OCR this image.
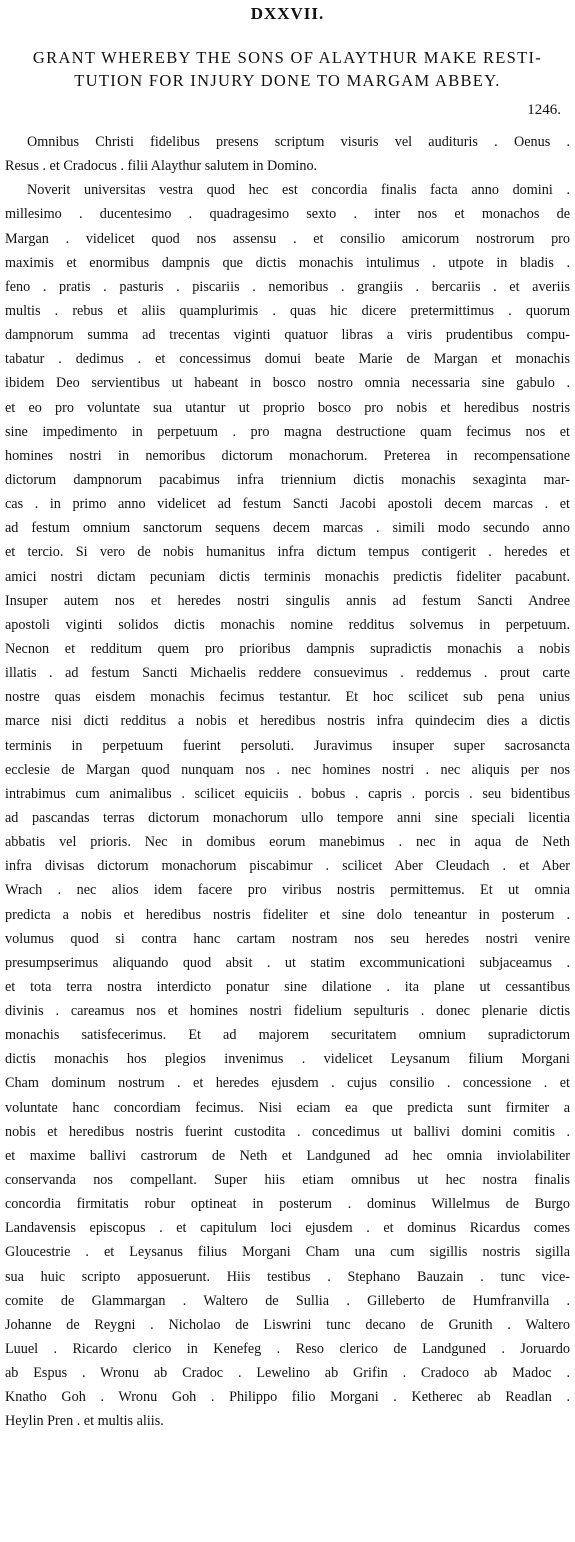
DXXVII.
GRANT WHEREBY THE SONS OF ALAYTHUR MAKE RESTI-
TUTION FOR INJURY DONE TO MARGAM ABBEY.
1246.
Omnibus Christi fidelibus presens scriptum visuris vel audituris . Oenus .
Resus . et Cradocus . filii Alaythur salutem in Domino.
Noverit universitas vestra quod hec est concordia finalis facta anno domini .
millesimo . ducentesimo . quadragesimo sexto . inter nos et monachos de
Margan . videlicet quod nos assensu . et consilio amicorum nostrorum pro
maximis et enormibus dampnis que dictis monachis intulimus . utpote in bladis .
feno . pratis . pasturis . piscariis . nemoribus . grangiis . bercariis . et averiis
multis . rebus et aliis quamplurimis . quas hic dicere pretermittimus . quorum
dampnorum summa ad trecentas viginti quatuor libras a viris prudentibus compu-
tabatur . dedimus . et concessimus domui beate Marie de Margan et monachis
ibidem Deo servientibus ut habeant in bosco nostro omnia necessaria sine gabulo .
et eo pro voluntate sua utantur ut proprio bosco pro nobis et heredibus nostris
sine impedimento in perpetuum . pro magna destructione quam fecimus nos et
homines nostri in nemoribus dictorum monachorum. Preterea in recompensatione
dictorum dampnorum pacabimus infra triennium dictis monachis sexaginta mar-
cas . in primo anno videlicet ad festum Sancti Jacobi apostoli decem marcas . et
ad festum omnium sanctorum sequens decem marcas . simili modo secundo anno
et tercio. Si vero de nobis humanitus infra dictum tempus contigerit . heredes et
amici nostri dictam pecuniam dictis terminis monachis predictis fideliter pacabunt.
Insuper autem nos et heredes nostri singulis annis ad festum Sancti Andree
apostoli viginti solidos dictis monachis nomine redditus solvemus in perpetuum.
Necnon et redditum quem pro prioribus dampnis supradictis monachis a nobis
illatis . ad festum Sancti Michaelis reddere consuevimus . reddemus . prout carte
nostre quas eisdem monachis fecimus testantur. Et hoc scilicet sub pena unius
marce nisi dicti redditus a nobis et heredibus nostris infra quindecim dies a dictis
terminis in perpetuum fuerint persoluti. Juravimus insuper super sacrosancta
ecclesie de Margan quod nunquam nos . nec homines nostri . nec aliquis per nos
intrabimus cum animalibus . scilicet equiciis . bobus . capris . porcis . seu bidentibus
ad pascandas terras dictorum monachorum ullo tempore anni sine speciali licentia
abbatis vel prioris. Nec in domibus eorum manebimus . nec in aqua de Neth
infra divisas dictorum monachorum piscabimur . scilicet Aber Cleudach . et Aber
Wrach . nec alios idem facere pro viribus nostris permittemus. Et ut omnia
predicta a nobis et heredibus nostris fideliter et sine dolo teneantur in posterum .
volumus quod si contra hanc cartam nostram nos seu heredes nostri venire
presumpserimus aliquando quod absit . ut statim excommunicationi subjaceamus .
et tota terra nostra interdicto ponatur sine dilatione . ita plane ut cessantibus
divinis . careamus nos et homines nostri fidelium sepulturis . donec plenarie dictis
monachis satisfecerimus. Et ad majorem securitatem omnium supradictorum
dictis monachis hos plegios invenimus . videlicet Leysanum filium Morgani
Cham dominum nostrum . et heredes ejusdem . cujus consilio . concessione . et
voluntate hanc concordiam fecimus. Nisi eciam ea que predicta sunt firmiter a
nobis et heredibus nostris fuerint custodita . concedimus ut ballivi domini comitis .
et maxime ballivi castrorum de Neth et Landguned ad hec omnia inviolabiliter
conservanda nos compellant. Super hiis etiam omnibus ut hec nostra finalis
concordia firmitatis robur optineat in posterum . dominus Willelmus de Burgo
Landavensis episcopus . et capitulum loci ejusdem . et dominus Ricardus comes
Gloucestrie . et Leysanus filius Morgani Cham una cum sigillis nostris sigilla
sua huic scripto apposuerunt. Hiis testibus . Stephano Bauzain . tunc vice-
comite de Glammargan . Waltero de Sullia . Gilleberto de Humfranvilla .
Johanne de Reygni . Nicholao de Liswrini tunc decano de Grunith . Waltero
Luuel . Ricardo clerico in Kenefeg . Reso clerico de Landguned . Joruardo
ab Espus . Wronu ab Cradoc . Lewelino ab Grifin . Cradoco ab Madoc .
Knatho Goh . Wronu Goh . Philippo filio Morgani . Ketherec ab Readlan .
Heylin Pren . et multis aliis.
